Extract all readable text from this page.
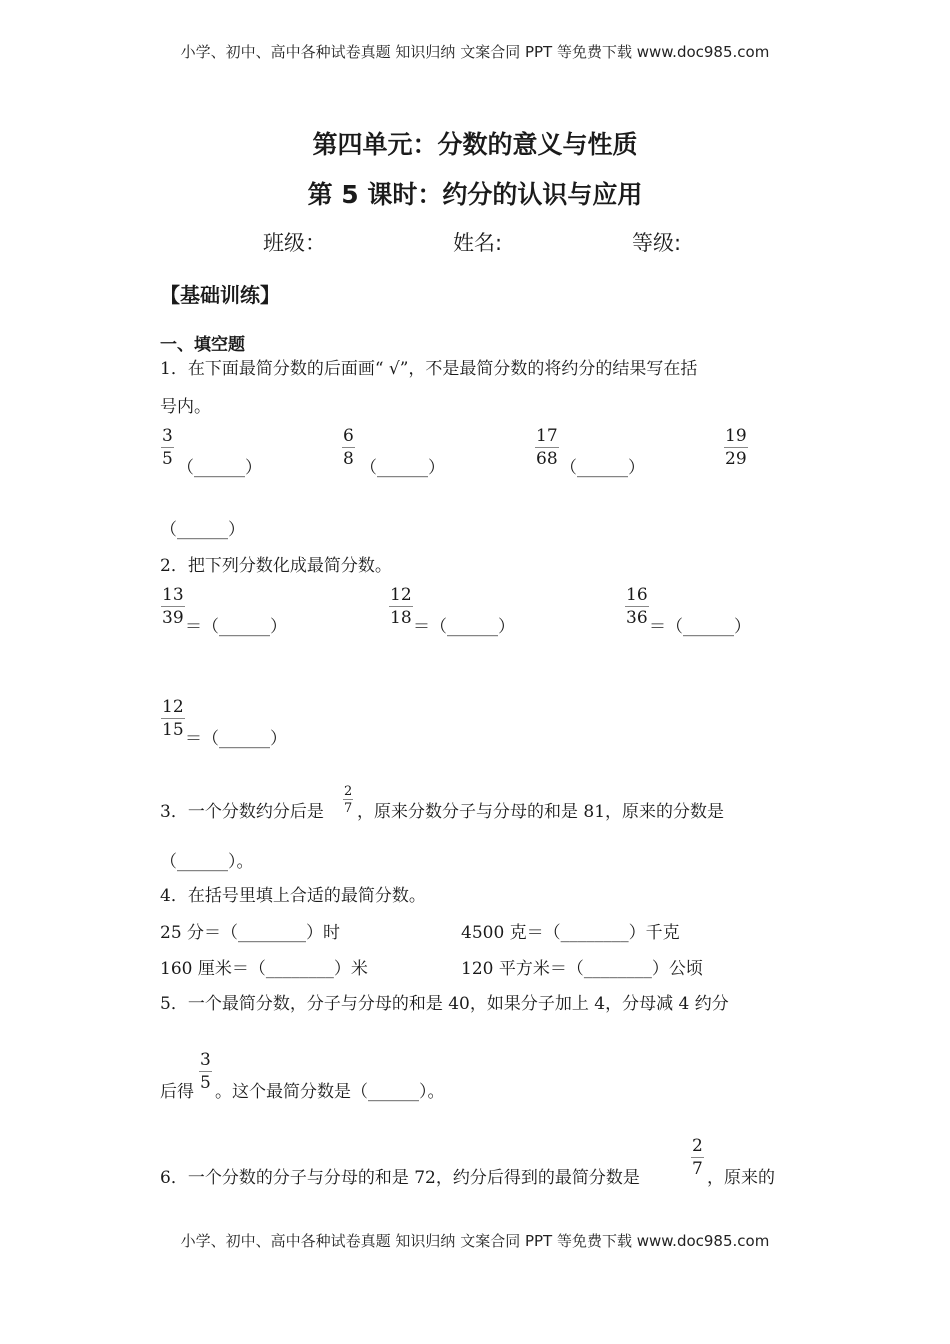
小学、初中、高中各种试卷真题 知识归纳 文案合同 PPT 等免费下载 www.doc985.com
第四单元：分数的意义与性质
第 5 课时：约分的认识与应用
班级：	姓名:	等级:
【基础训练】
一、填空题
1．在下面最简分数的后面画“ √”，不是最简分数的将约分的结果写在括
号内。
$\frac{3}{5}$ （______）	$\frac{6}{8}$ （______）	$\frac{17}{68}$ （______）	$\frac{19}{29}$
（______）
2．把下列分数化成最简分数。
$\frac{13}{39}$ ＝（______）	$\frac{12}{18}$ ＝（______）	$\frac{16}{36}$ ＝（______）
$\frac{12}{15}$ ＝（______）
3．一个分数约分后是 $\frac{2}{7}$ ，原来分数分子与分母的和是 81，原来的分数是
（______）。
4．在括号里填上合适的最简分数。
25 分＝（________）时	4500 克＝（________）千克
160 厘米＝（________）米	120 平方米＝（________）公顷
5．一个最简分数，分子与分母的和是 40，如果分子加上 4，分母减 4 约分
后得 $\frac{3}{5}$ 。这个最简分数是（______）。
6．一个分数的分子与分母的和是 72，约分后得到的最简分数是	$\frac{2}{7}$ ，原来的
小学、初中、高中各种试卷真题 知识归纳 文案合同 PPT 等免费下载 www.doc985.com
